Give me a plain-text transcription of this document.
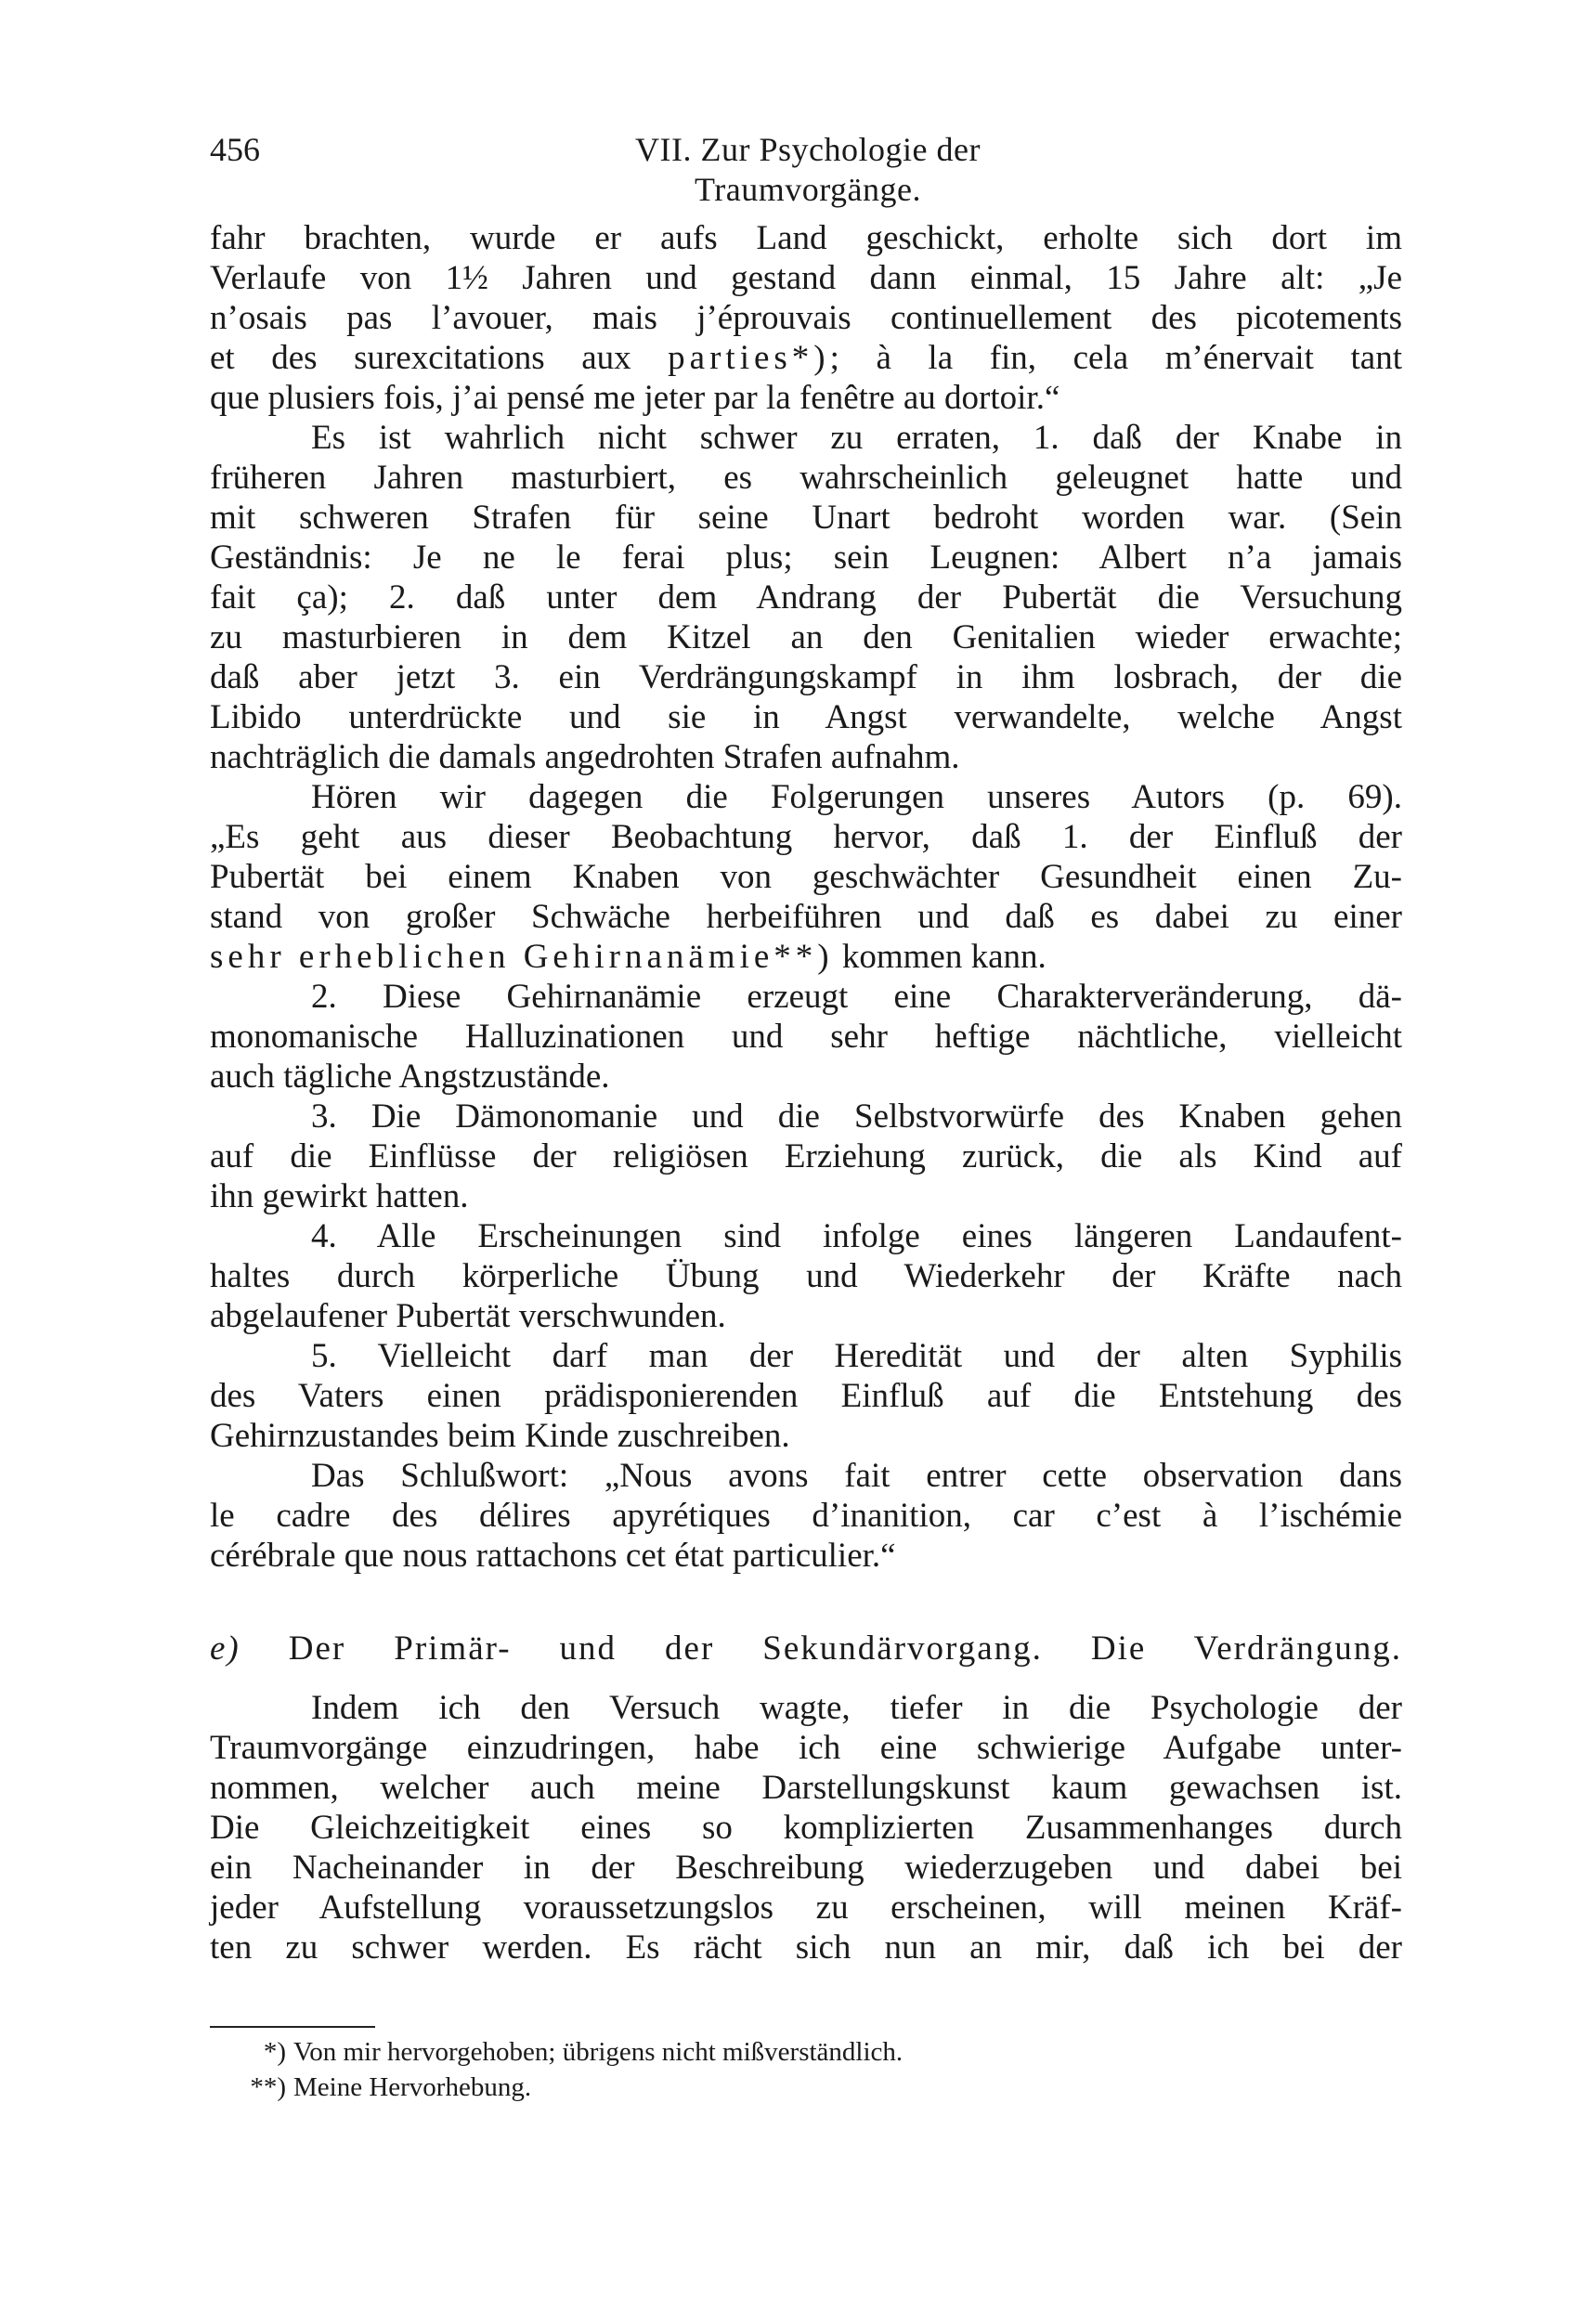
456	VII. Zur Psychologie der Traumvorgänge.
fahr brachten, wurde er aufs Land geschickt, erholte sich dort im
Verlaufe von 1½ Jahren und gestand dann einmal, 15 Jahre alt: „Je
n’osais pas l’avouer, mais j’éprouvais continuellement des picotements
et des surexcitations aux parties*); à la fin, cela m’énervait tant
que plusiers fois, j’ai pensé me jeter par la fenêtre au dortoir.“
Es ist wahrlich nicht schwer zu erraten, 1. daß der Knabe in
früheren Jahren masturbiert, es wahrscheinlich geleugnet hatte und
mit schweren Strafen für seine Unart bedroht worden war. (Sein
Geständnis: Je ne le ferai plus; sein Leugnen: Albert n’a jamais
fait ça); 2. daß unter dem Andrang der Pubertät die Versuchung
zu masturbieren in dem Kitzel an den Genitalien wieder erwachte;
daß aber jetzt 3. ein Verdrängungskampf in ihm losbrach, der die
Libido unterdrückte und sie in Angst verwandelte, welche Angst
nachträglich die damals angedrohten Strafen aufnahm.
Hören wir dagegen die Folgerungen unseres Autors (p. 69).
„Es geht aus dieser Beobachtung hervor, daß 1. der Einfluß der
Pubertät bei einem Knaben von geschwächter Gesundheit einen Zu-
stand von großer Schwäche herbeiführen und daß es dabei zu einer
sehr erheblichen Gehirnanämie**) kommen kann.
2. Diese Gehirnanämie erzeugt eine Charakterveränderung, dä-
monomanische Halluzinationen und sehr heftige nächtliche, vielleicht
auch tägliche Angstzustände.
3. Die Dämonomanie und die Selbstvorwürfe des Knaben gehen
auf die Einflüsse der religiösen Erziehung zurück, die als Kind auf
ihn gewirkt hatten.
4. Alle Erscheinungen sind infolge eines längeren Landaufent-
haltes durch körperliche Übung und Wiederkehr der Kräfte nach
abgelaufener Pubertät verschwunden.
5. Vielleicht darf man der Heredität und der alten Syphilis
des Vaters einen prädisponierenden Einfluß auf die Entstehung des
Gehirnzustandes beim Kinde zuschreiben.
Das Schlußwort: „Nous avons fait entrer cette observation dans
le cadre des délires apyrétiques d’inanition, car c’est à l’ischémie
cérébrale que nous rattachons cet état particulier.“
e) Der Primär- und der Sekundärvorgang. Die Verdrängung.
Indem ich den Versuch wagte, tiefer in die Psychologie der
Traumvorgänge einzudringen, habe ich eine schwierige Aufgabe unter-
nommen, welcher auch meine Darstellungskunst kaum gewachsen ist.
Die Gleichzeitigkeit eines so komplizierten Zusammenhanges durch
ein Nacheinander in der Beschreibung wiederzugeben und dabei bei
jeder Aufstellung voraussetzungslos zu erscheinen, will meinen Kräf-
ten zu schwer werden. Es rächt sich nun an mir, daß ich bei der
*) Von mir hervorgehoben; übrigens nicht mißverständlich.
**) Meine Hervorhebung.
